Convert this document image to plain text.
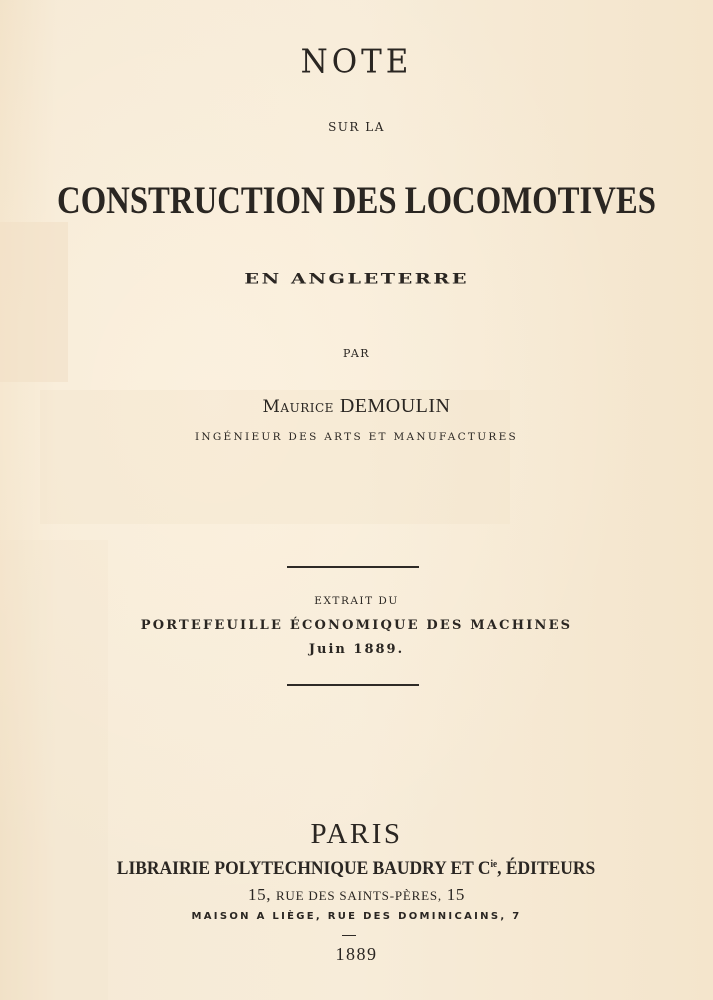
NOTE
SUR LA
CONSTRUCTION DES LOCOMOTIVES
EN ANGLETERRE
PAR
Maurice DEMOULIN
INGÉNIEUR DES ARTS ET MANUFACTURES
EXTRAIT DU
PORTEFEUILLE ÉCONOMIQUE DES MACHINES
Juin 1889.
PARIS
LIBRAIRIE POLYTECHNIQUE BAUDRY ET $C^{ie}$, ÉDITEURS
15, RUE DES SAINTS-PÈRES, 15
MAISON A LIÈGE, RUE DES DOMINICAINS, 7
1889
